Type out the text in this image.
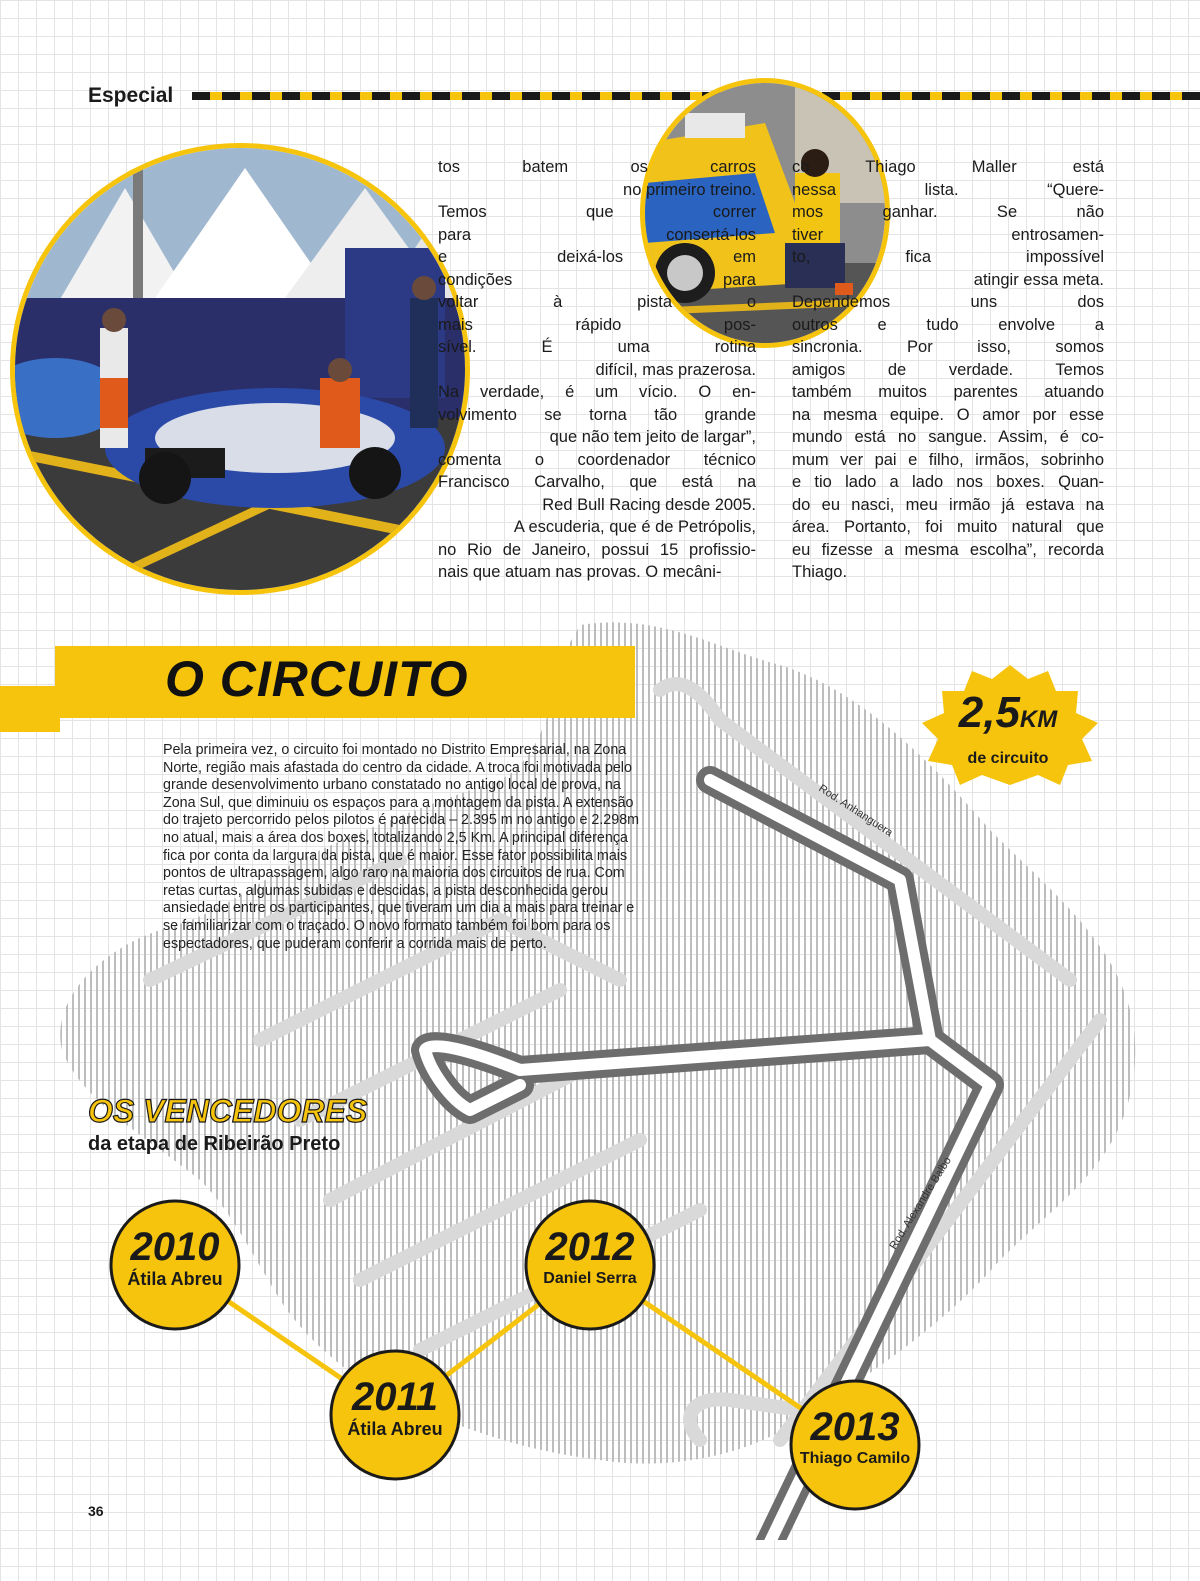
Especial
tos batem os carros
no primeiro treino.
Temos que correr
para consertá-los
e deixá-los em
condições para
voltar à pista o
mais rápido pos-
sível. É uma rotina
difícil, mas prazerosa.
Na verdade, é um vício. O en-
volvimento se torna tão grande
que não tem jeito de largar”,
comenta o coordenador técnico
Francisco Carvalho, que está na
Red Bull Racing desde 2005.
A escuderia, que é de Petrópolis,
no Rio de Janeiro, possui 15 profissio-
nais que atuam nas provas. O mecâni-
co Thiago Maller está
nessa lista. “Quere-
mos ganhar. Se não
tiver entrosamen-
to, fica impossível
atingir essa meta.
Dependemos uns dos
outros e tudo envolve a
sincronia. Por isso, somos
amigos de verdade. Temos
também muitos parentes atuando
na mesma equipe. O amor por esse
mundo está no sangue. Assim, é co-
mum ver pai e filho, irmãos, sobrinho
e tio lado a lado nos boxes. Quan-
do eu nasci, meu irmão já estava na
área. Portanto, foi muito natural que
eu fizesse a mesma escolha”, recorda
Thiago.
Rod. Anhanguera
Rod. Alexandre Balbo
O CIRCUITO
Pela primeira vez, o circuito foi montado no Distrito Empresarial, na Zona Norte, região mais afastada do centro da cidade. A troca foi motivada pelo grande desenvolvimento urbano constatado no antigo local de prova, na Zona Sul, que diminuiu os espaços para a montagem da pista. A extensão do trajeto percorrido pelos pilotos é parecida – 2.395 m no antigo e 2.298m no atual, mais a área dos boxes, totalizando 2,5 Km. A principal diferença fica por conta da largura da pista, que é maior. Esse fator possibilita mais pontos de ultrapassagem, algo raro na maioria dos circuitos de rua. Com retas curtas, algumas subidas e descidas, a pista desconhecida gerou ansiedade entre os participantes, que tiveram um dia a mais para treinar e se familiarizar com o traçado. O novo formato também foi bom para os espectadores, que puderam conferir a corrida mais de perto.
2,5KM
de circuito
OS VENCEDORES
da etapa de Ribeirão Preto
2010
Átila Abreu
2011
Átila Abreu
2012
Daniel Serra
2013
Thiago Camilo
36
